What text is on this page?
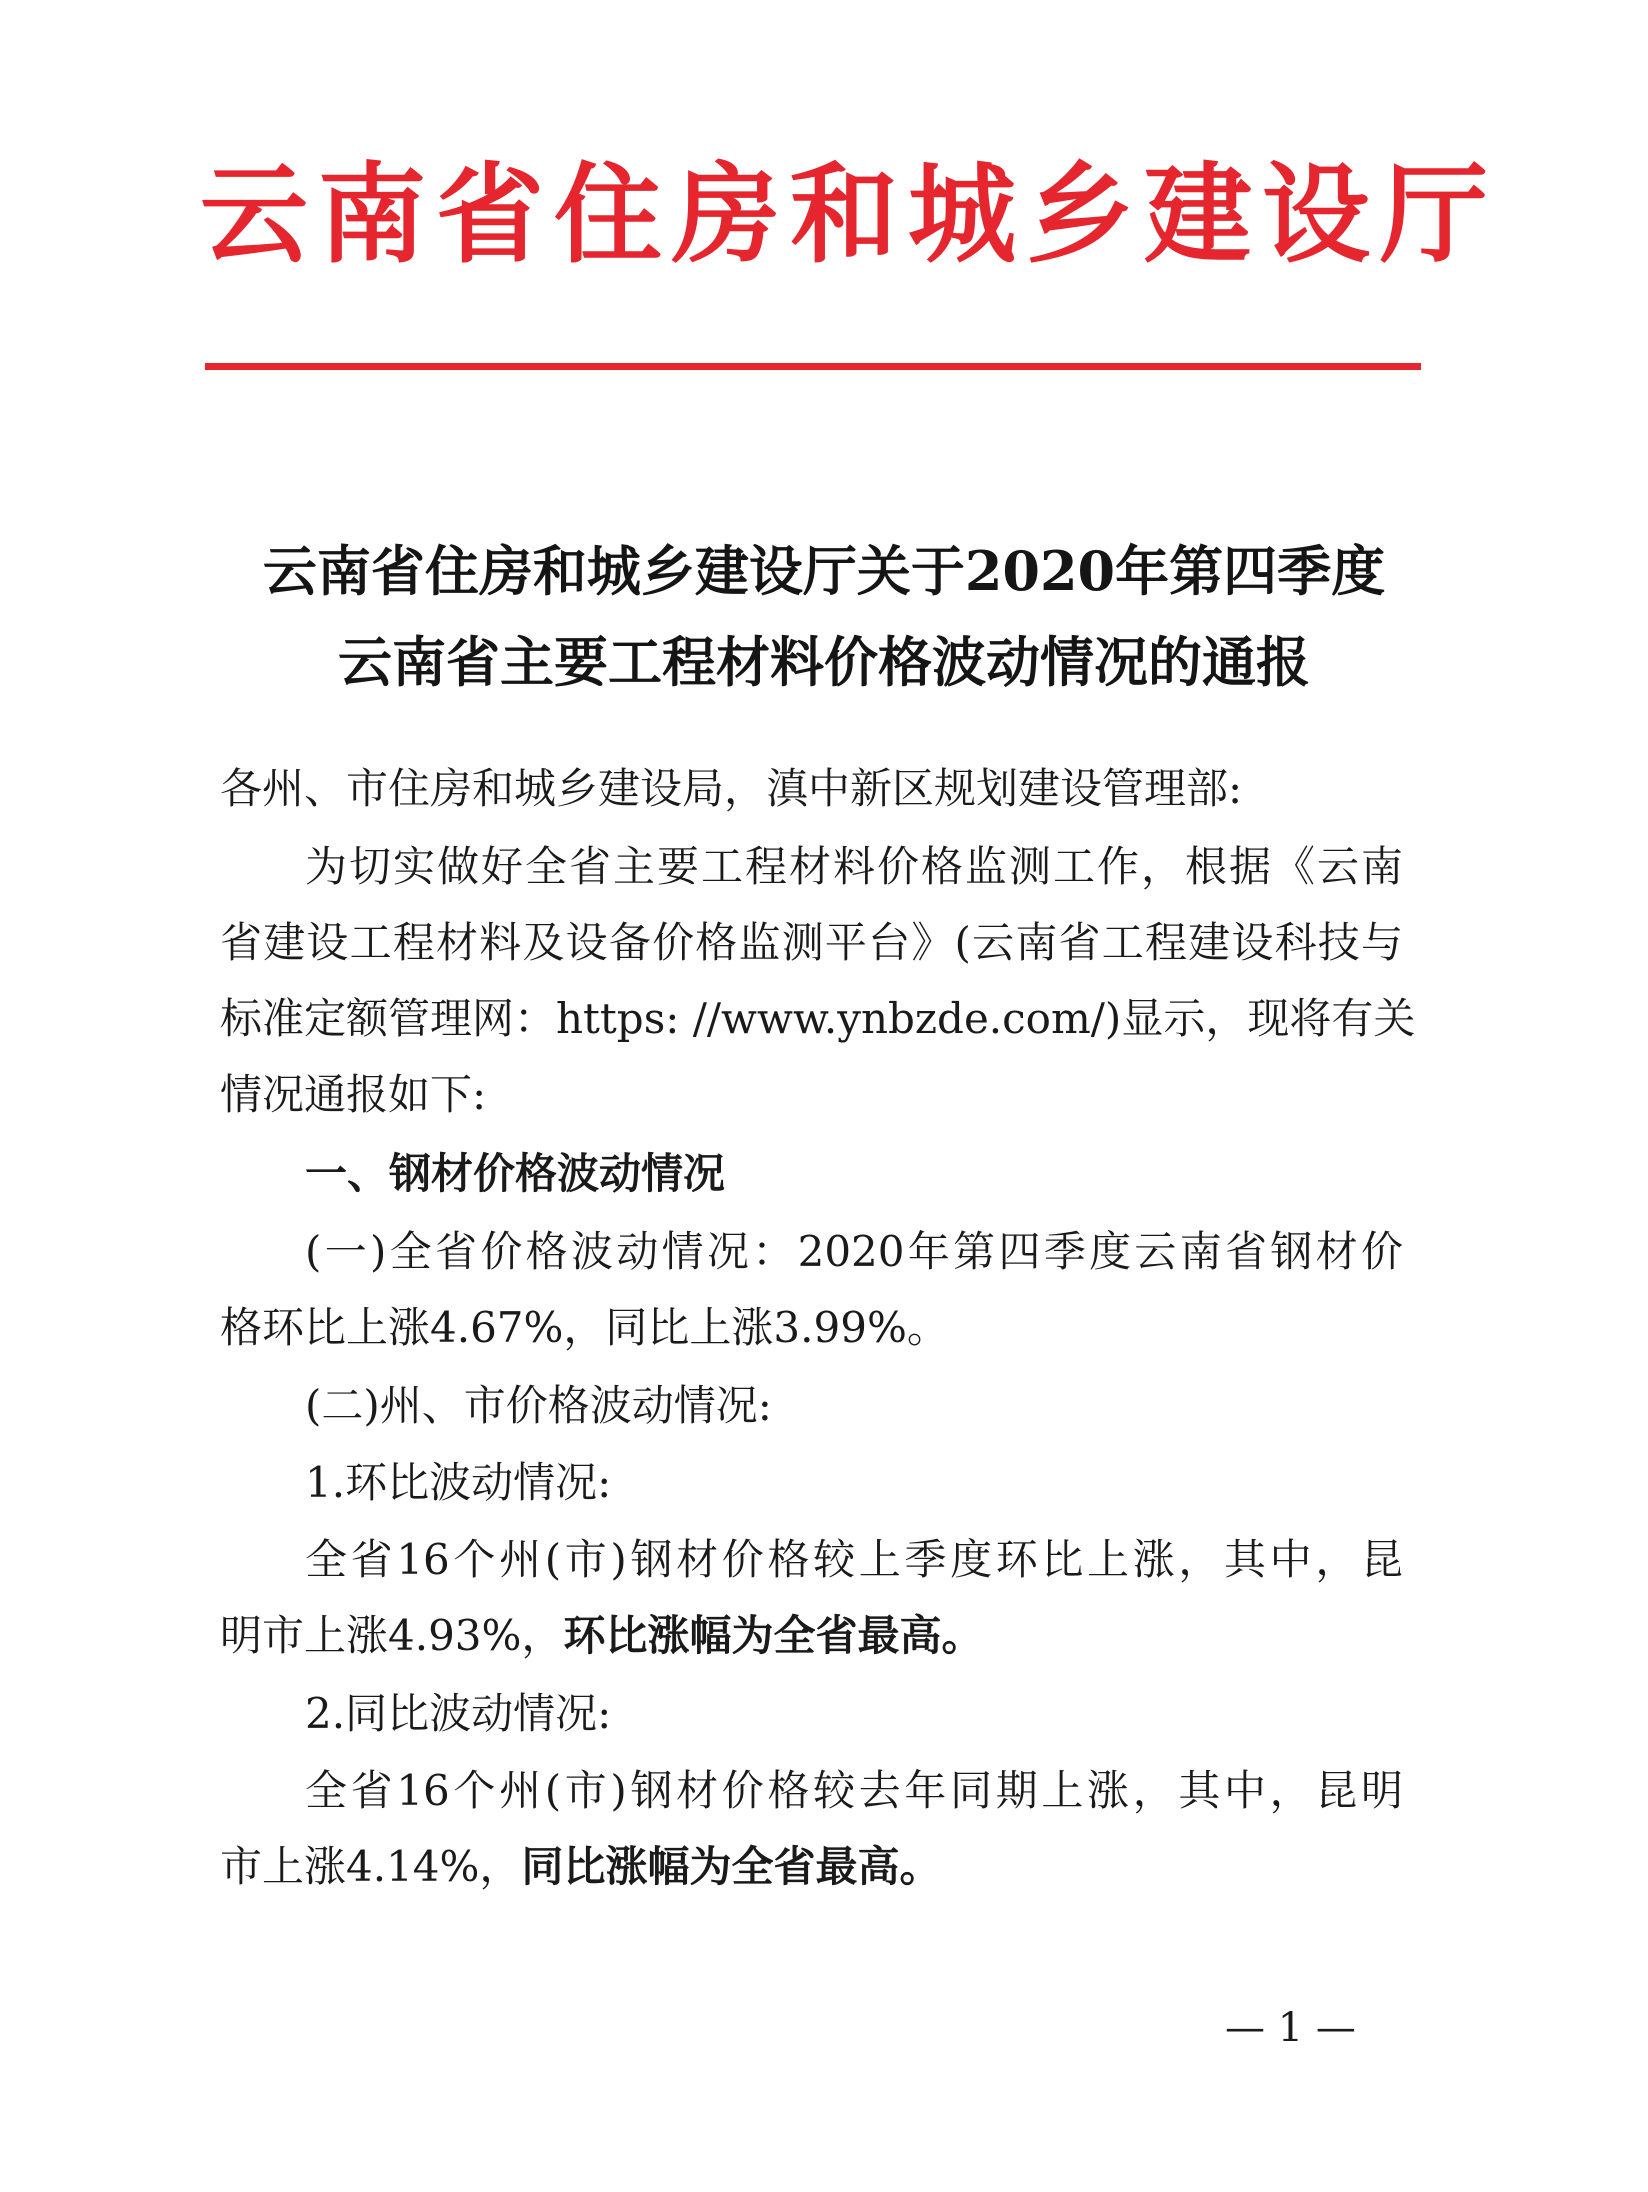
云南省住房和城乡建设厅
云南省住房和城乡建设厅关于2020年第四季度
云南省主要工程材料价格波动情况的通报
各州、市住房和城乡建设局，滇中新区规划建设管理部:
为切实做好全省主要工程材料价格监测工作，根据《云南
省建设工程材料及设备价格监测平台》(云南省工程建设科技与
标准定额管理网：https: //www.ynbzde.com/)显示，现将有关
情况通报如下:
一、钢材价格波动情况
(一)全省价格波动情况：2020年第四季度云南省钢材价
格环比上涨4.67%，同比上涨3.99%。
(二)州、市价格波动情况:
1.环比波动情况:
全省16个州(市)钢材价格较上季度环比上涨，其中，昆
明市上涨4.93%，环比涨幅为全省最高。
2.同比波动情况:
全省16个州(市)钢材价格较去年同期上涨，其中，昆明
市上涨4.14%，同比涨幅为全省最高。
— 1 —
